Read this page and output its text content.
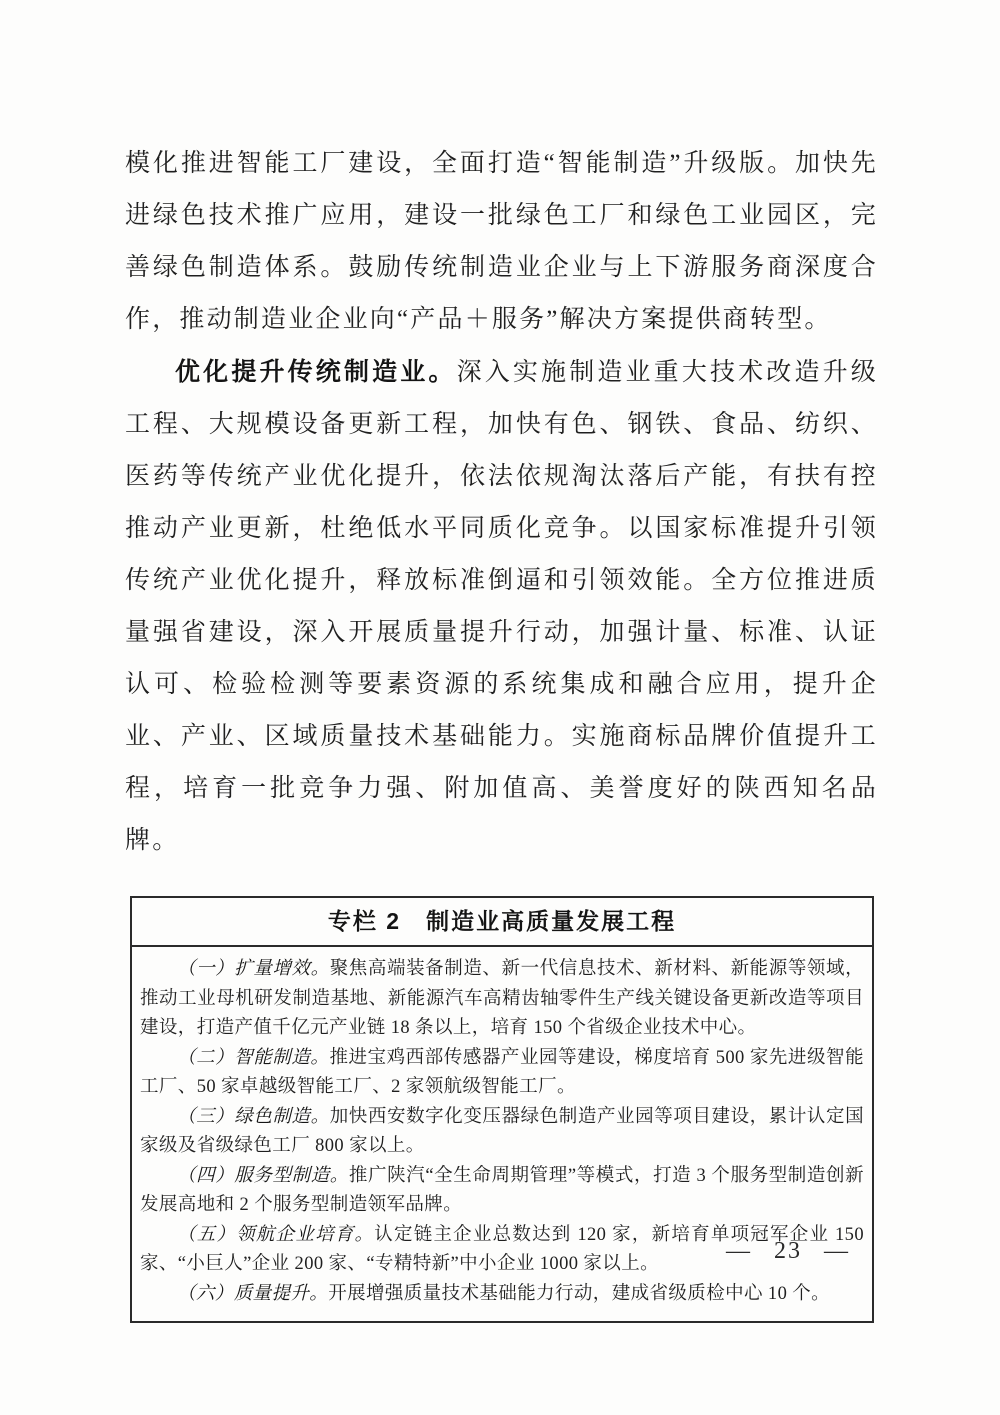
模化推进智能工厂建设，全面打造“智能制造”升级版。加快先进绿色技术推广应用，建设一批绿色工厂和绿色工业园区，完善绿色制造体系。鼓励传统制造业企业与上下游服务商深度合作，推动制造业企业向“产品＋服务”解决方案提供商转型。

优化提升传统制造业。深入实施制造业重大技术改造升级工程、大规模设备更新工程，加快有色、钢铁、食品、纺织、医药等传统产业优化提升，依法依规淘汰落后产能，有扶有控推动产业更新，杜绝低水平同质化竞争。以国家标准提升引领传统产业优化提升，释放标准倒逼和引领效能。全方位推进质量强省建设，深入开展质量提升行动，加强计量、标准、认证认可、检验检测等要素资源的系统集成和融合应用，提升企业、产业、区域质量技术基础能力。实施商标品牌价值提升工程，培育一批竞争力强、附加值高、美誉度好的陕西知名品牌。

专栏 2　制造业高质量发展工程

（一）扩量增效。聚焦高端装备制造、新一代信息技术、新材料、新能源等领域，推动工业母机研发制造基地、新能源汽车高精齿轴零件生产线关键设备更新改造等项目建设，打造产值千亿元产业链 18 条以上，培育 150 个省级企业技术中心。

（二）智能制造。推进宝鸡西部传感器产业园等建设，梯度培育 500 家先进级智能工厂、50 家卓越级智能工厂、2 家领航级智能工厂。

（三）绿色制造。加快西安数字化变压器绿色制造产业园等项目建设，累计认定国家级及省级绿色工厂 800 家以上。

（四）服务型制造。推广陕汽“全生命周期管理”等模式，打造 3 个服务型制造创新发展高地和 2 个服务型制造领军品牌。

（五）领航企业培育。认定链主企业总数达到 120 家，新培育单项冠军企业 150 家、“小巨人”企业 200 家、“专精特新”中小企业 1000 家以上。

（六）质量提升。开展增强质量技术基础能力行动，建成省级质检中心 10 个。

— 23 —
